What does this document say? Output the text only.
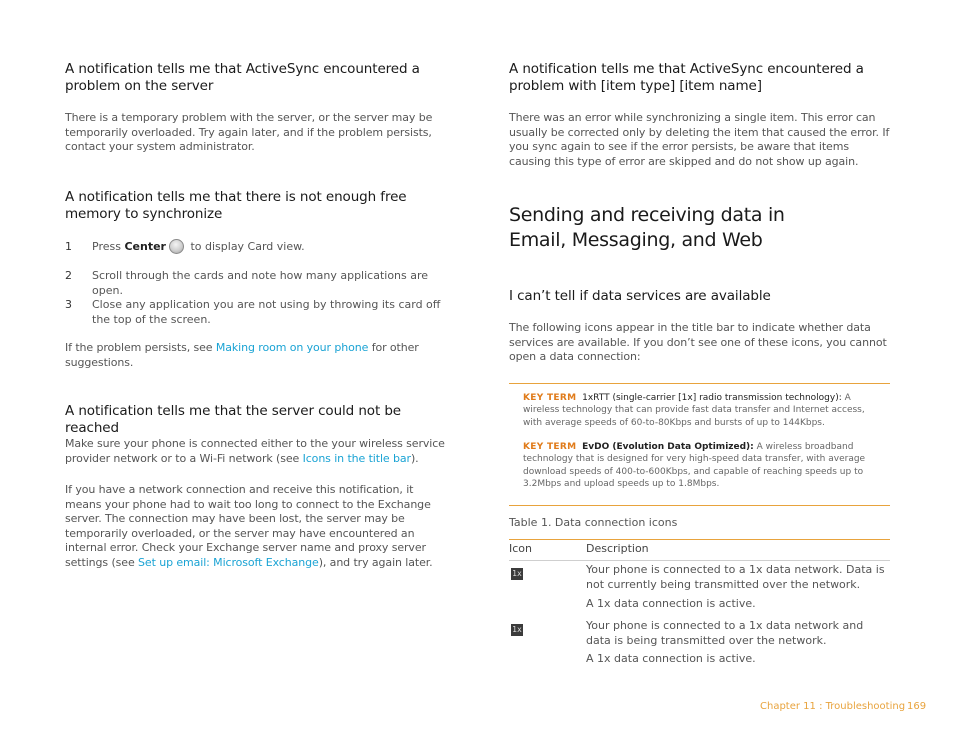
A notification tells me that ActiveSync encountered a problem on the server

There is a temporary problem with the server, or the server may be temporarily overloaded. Try again later, and if the problem persists, contact your system administrator.

A notification tells me that there is not enough free memory to synchronize
1 Press Center to display Card view.
2 Scroll through the cards and note how many applications are open.
3 Close any application you are not using by throwing its card off the top of the screen.

If the problem persists, see Making room on your phone for other suggestions.

A notification tells me that the server could not be reached

Make sure your phone is connected either to the your wireless service provider network or to a Wi-Fi network (see Icons in the title bar).

If you have a network connection and receive this notification, it means your phone had to wait too long to connect to the Exchange server. The connection may have been lost, the server may be temporarily overloaded, or the server may have encountered an internal error. Check your Exchange server name and proxy server settings (see Set up email: Microsoft Exchange), and try again later.

A notification tells me that ActiveSync encountered a problem with [item type] [item name]

There was an error while synchronizing a single item. This error can usually be corrected only by deleting the item that caused the error. If you sync again to see if the error persists, be aware that items causing this type of error are skipped and do not show up again.

Sending and receiving data in Email, Messaging, and Web
I can’t tell if data services are available

The following icons appear in the title bar to indicate whether data services are available. If you don’t see one of these icons, you cannot open a data connection:

KEY TERM 1xRTT (single-carrier [1x] radio transmission technology): A wireless technology that can provide fast data transfer and Internet access, with average speeds of 60-to-80Kbps and bursts of up to 144Kbps.
KEY TERM EvDO (Evolution Data Optimized): A wireless broadband technology that is designed for very high-speed data transfer, with average download speeds of 400-to-600Kbps, and capable of reaching speeds up to 3.2Mbps and upload speeds up to 1.8Mbps.
Table 1. Data connection icons
Icon	Description
1x	Your phone is connected to a 1x data network. Data is not currently being transmitted over the network.
A 1x data connection is active.
1x	Your phone is connected to a 1x data network and data is being transmitted over the network.
A 1x data connection is active.
Chapter 11 : Troubleshooting 169
